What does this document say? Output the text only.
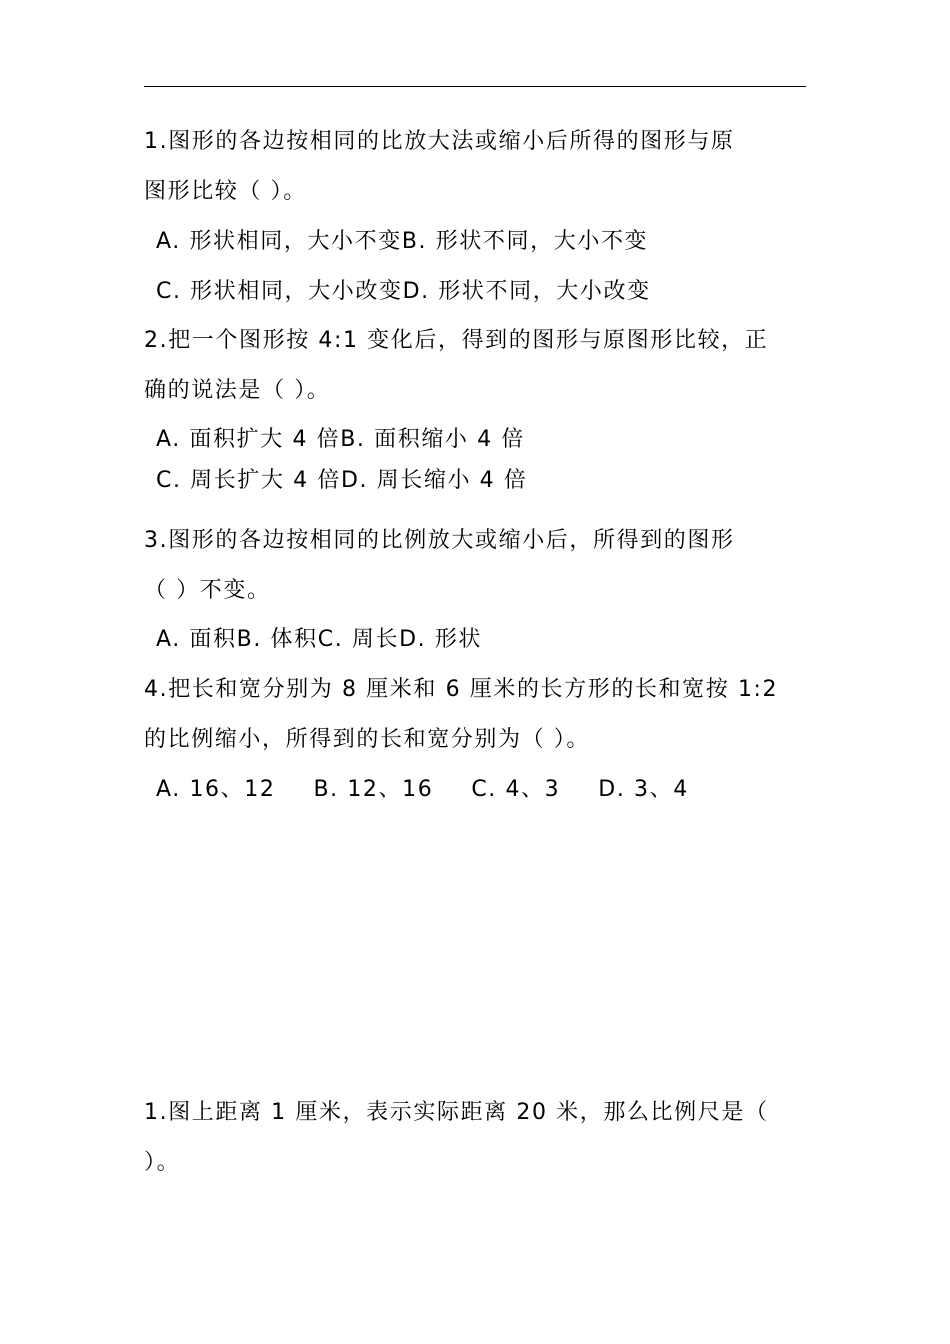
1.图形的各边按相同的比放大法或缩小后所得的图形与原
图形比较（ ）。
A. 形状相同，大小不变B. 形状不同，大小不变
C. 形状相同，大小改变D. 形状不同，大小改变
2.把一个图形按 4:1 变化后，得到的图形与原图形比较，正
确的说法是（ ）。
A. 面积扩大 4 倍B. 面积缩小 4 倍
C. 周长扩大 4 倍D. 周长缩小 4 倍
3.图形的各边按相同的比例放大或缩小后，所得到的图形
（ ）不变。
A. 面积B. 体积C. 周长D. 形状
4.把长和宽分别为 8 厘米和 6 厘米的长方形的长和宽按 1:2
的比例缩小，所得到的长和宽分别为（ ）。
A. 16、12 B. 12、16 C. 4、3 D. 3、4
1.图上距离 1 厘米，表示实际距离 20 米，那么比例尺是（
）。
